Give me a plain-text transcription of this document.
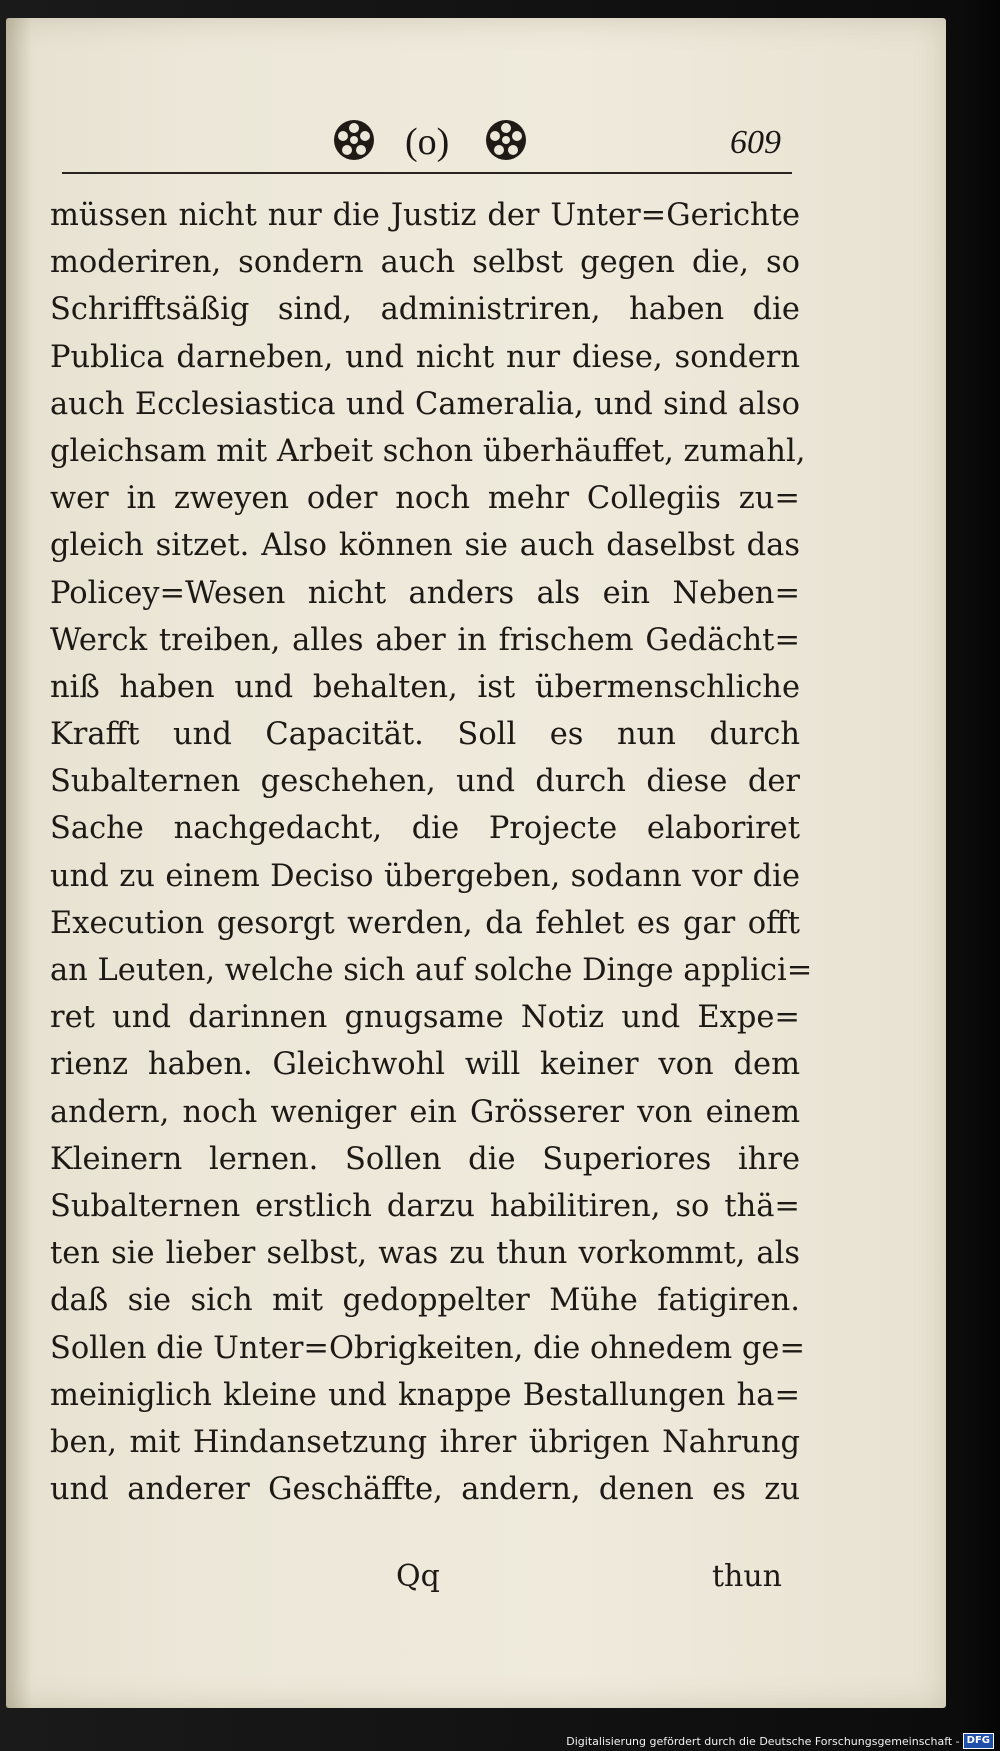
(o)	609
müssen nicht nur die Justiz der Unter=Gerichte
moderiren, sondern auch selbst gegen die, so
Schrifftsäßig sind, administriren, haben die
Publica darneben, und nicht nur diese, sondern
auch Ecclesiastica und Cameralia, und sind also
gleichsam mit Arbeit schon überhäuffet, zumahl,
wer in zweyen oder noch mehr Collegiis zu=
gleich sitzet. Also können sie auch daselbst das
Policey=Wesen nicht anders als ein Neben=
Werck treiben, alles aber in frischem Gedächt=
niß haben und behalten, ist übermenschliche
Krafft und Capacität. Soll es nun durch
Subalternen geschehen, und durch diese der
Sache nachgedacht, die Projecte elaboriret
und zu einem Deciso übergeben, sodann vor die
Execution gesorgt werden, da fehlet es gar offt
an Leuten, welche sich auf solche Dinge applici=
ret und darinnen gnugsame Notiz und Expe=
rienz haben. Gleichwohl will keiner von dem
andern, noch weniger ein Grösserer von einem
Kleinern lernen. Sollen die Superiores ihre
Subalternen erstlich darzu habilitiren, so thä=
ten sie lieber selbst, was zu thun vorkommt, als
daß sie sich mit gedoppelter Mühe fatigiren.
Sollen die Unter=Obrigkeiten, die ohnedem ge=
meiniglich kleine und knappe Bestallungen ha=
ben, mit Hindansetzung ihrer übrigen Nahrung
und anderer Geschäffte, andern, denen es zu
Qq	thun
Digitalisierung gefördert durch die Deutsche Forschungsgemeinschaft - DFG
